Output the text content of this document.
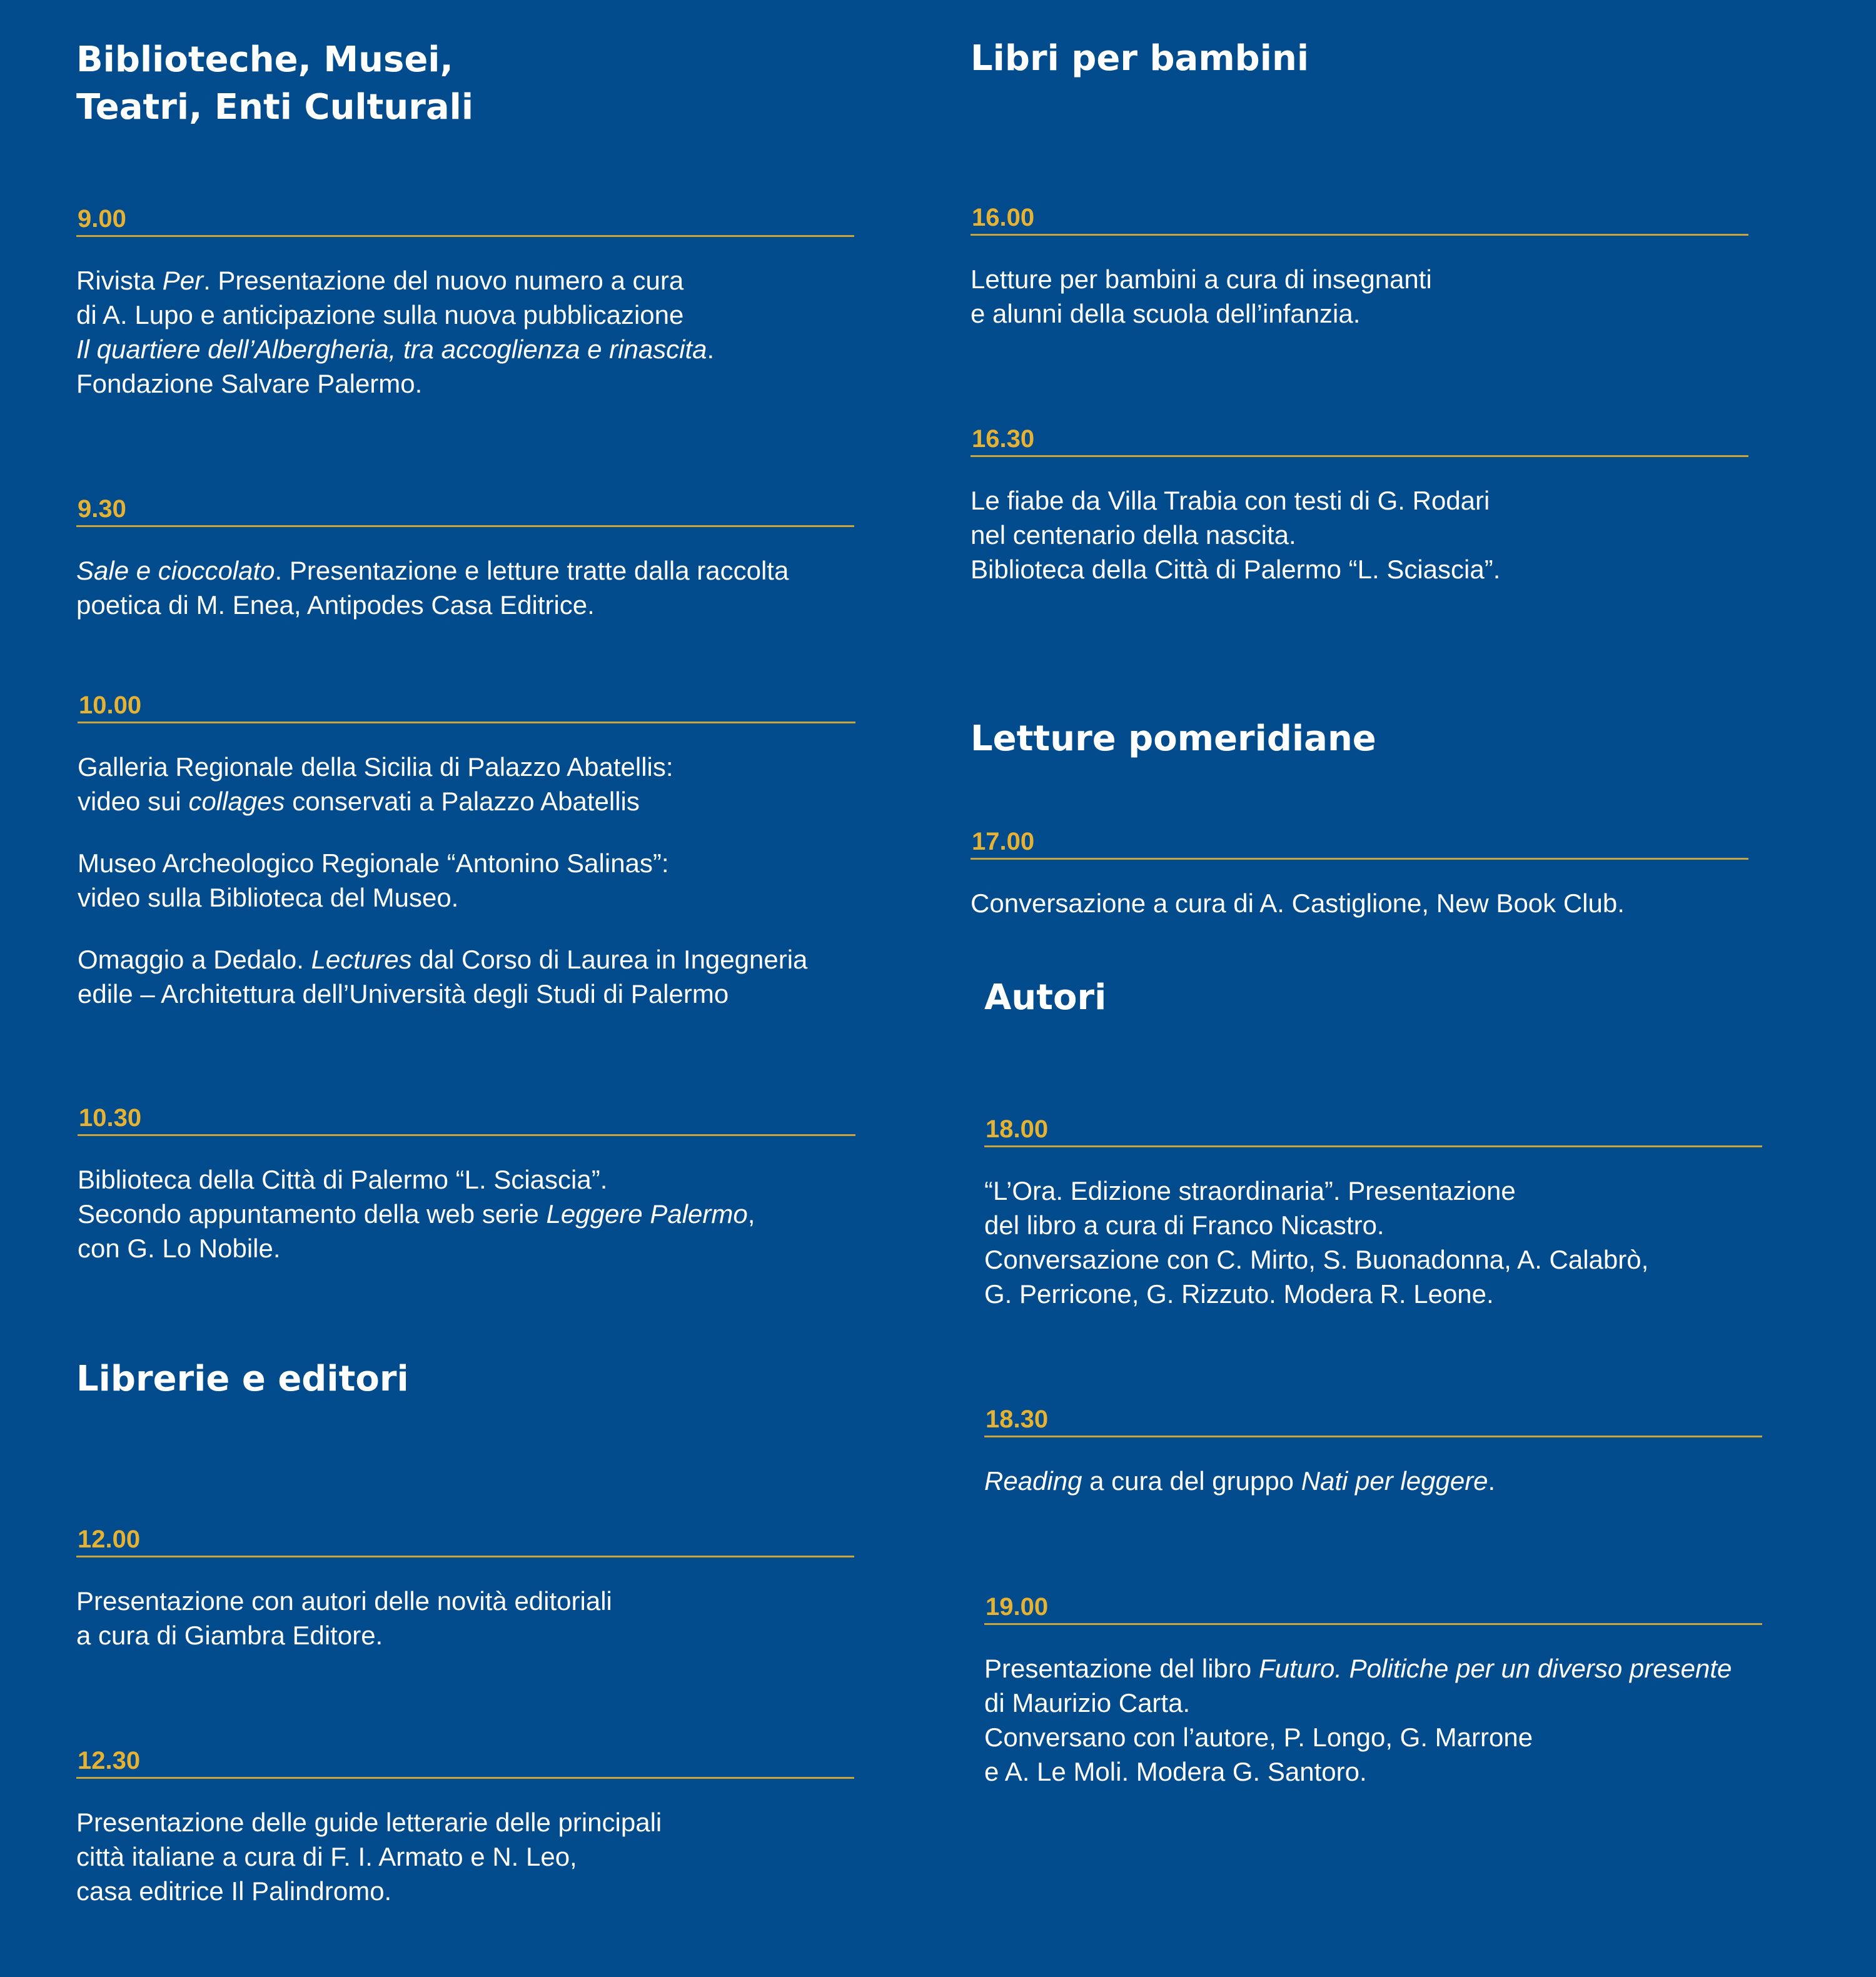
Biblioteche, Musei,
Teatri, Enti Culturali
9.00

Rivista Per. Presentazione del nuovo numero a cura
di A. Lupo e anticipazione sulla nuova pubblicazione
Il quartiere dell’Albergheria, tra accoglienza e rinascita.
Fondazione Salvare Palermo.

9.30

Sale e cioccolato. Presentazione e letture tratte dalla raccolta
poetica di M. Enea, Antipodes Casa Editrice.

10.00

Galleria Regionale della Sicilia di Palazzo Abatellis:
video sui collages conservati a Palazzo Abatellis

Museo Archeologico Regionale “Antonino Salinas”:
video sulla Biblioteca del Museo.

Omaggio a Dedalo. Lectures dal Corso di Laurea in Ingegneria
edile – Architettura dell’Università degli Studi di Palermo

10.30

Biblioteca della Città di Palermo “L. Sciascia”.
Secondo appuntamento della web serie Leggere Palermo,
con G. Lo Nobile.

Librerie e editori
12.00

Presentazione con autori delle novità editoriali
a cura di Giambra Editore.

12.30

Presentazione delle guide letterarie delle principali
città italiane a cura di F. I. Armato e N. Leo,
casa editrice Il Palindromo.

Libri per bambini
16.00

Letture per bambini a cura di insegnanti
e alunni della scuola dell’infanzia.

16.30

Le fiabe da Villa Trabia con testi di G. Rodari
nel centenario della nascita.
Biblioteca della Città di Palermo “L. Sciascia”.

Letture pomeridiane
17.00

Conversazione a cura di A. Castiglione, New Book Club.

Autori
18.00

“L’Ora. Edizione straordinaria”. Presentazione
del libro a cura di Franco Nicastro.
Conversazione con C. Mirto, S. Buonadonna, A. Calabrò,
G. Perricone, G. Rizzuto. Modera R. Leone.

18.30

Reading a cura del gruppo Nati per leggere.

19.00

Presentazione del libro Futuro. Politiche per un diverso presente
di Maurizio Carta.
Conversano con l’autore, P. Longo, G. Marrone
e A. Le Moli. Modera G. Santoro.
